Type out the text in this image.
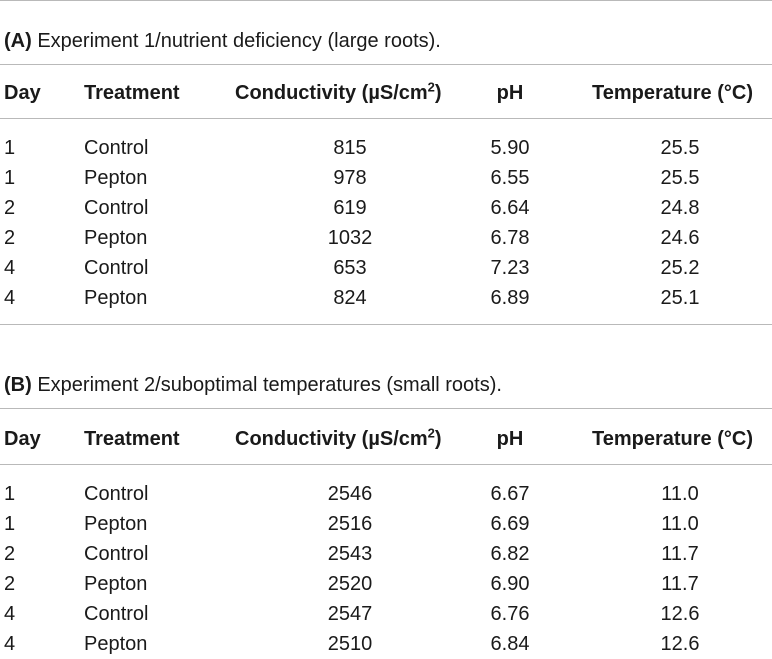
(A) Experiment 1/nutrient deficiency (large roots).
Day Treatment	Conductivity $(\mu S/cm^2)$	pH	Temperature (°C)
1	Control	815	5.90	25.5
1	Pepton	978	6.55	25.5
2	Control	619	6.64	24.8
2	Pepton	1032	6.78	24.6
4	Control	653	7.23	25.2
4	Pepton	824	6.89	25.1
(B) Experiment 2/suboptimal temperatures (small roots).
Day Treatment	Conductivity $(\mu S/cm^2)$	pH	Temperature (°C)
1	Control	2546	6.67	11.0
1	Pepton	2516	6.69	11.0
2	Control	2543	6.82	11.7
2	Pepton	2520	6.90	11.7
4	Control	2547	6.76	12.6
4	Pepton	2510	6.84	12.6
